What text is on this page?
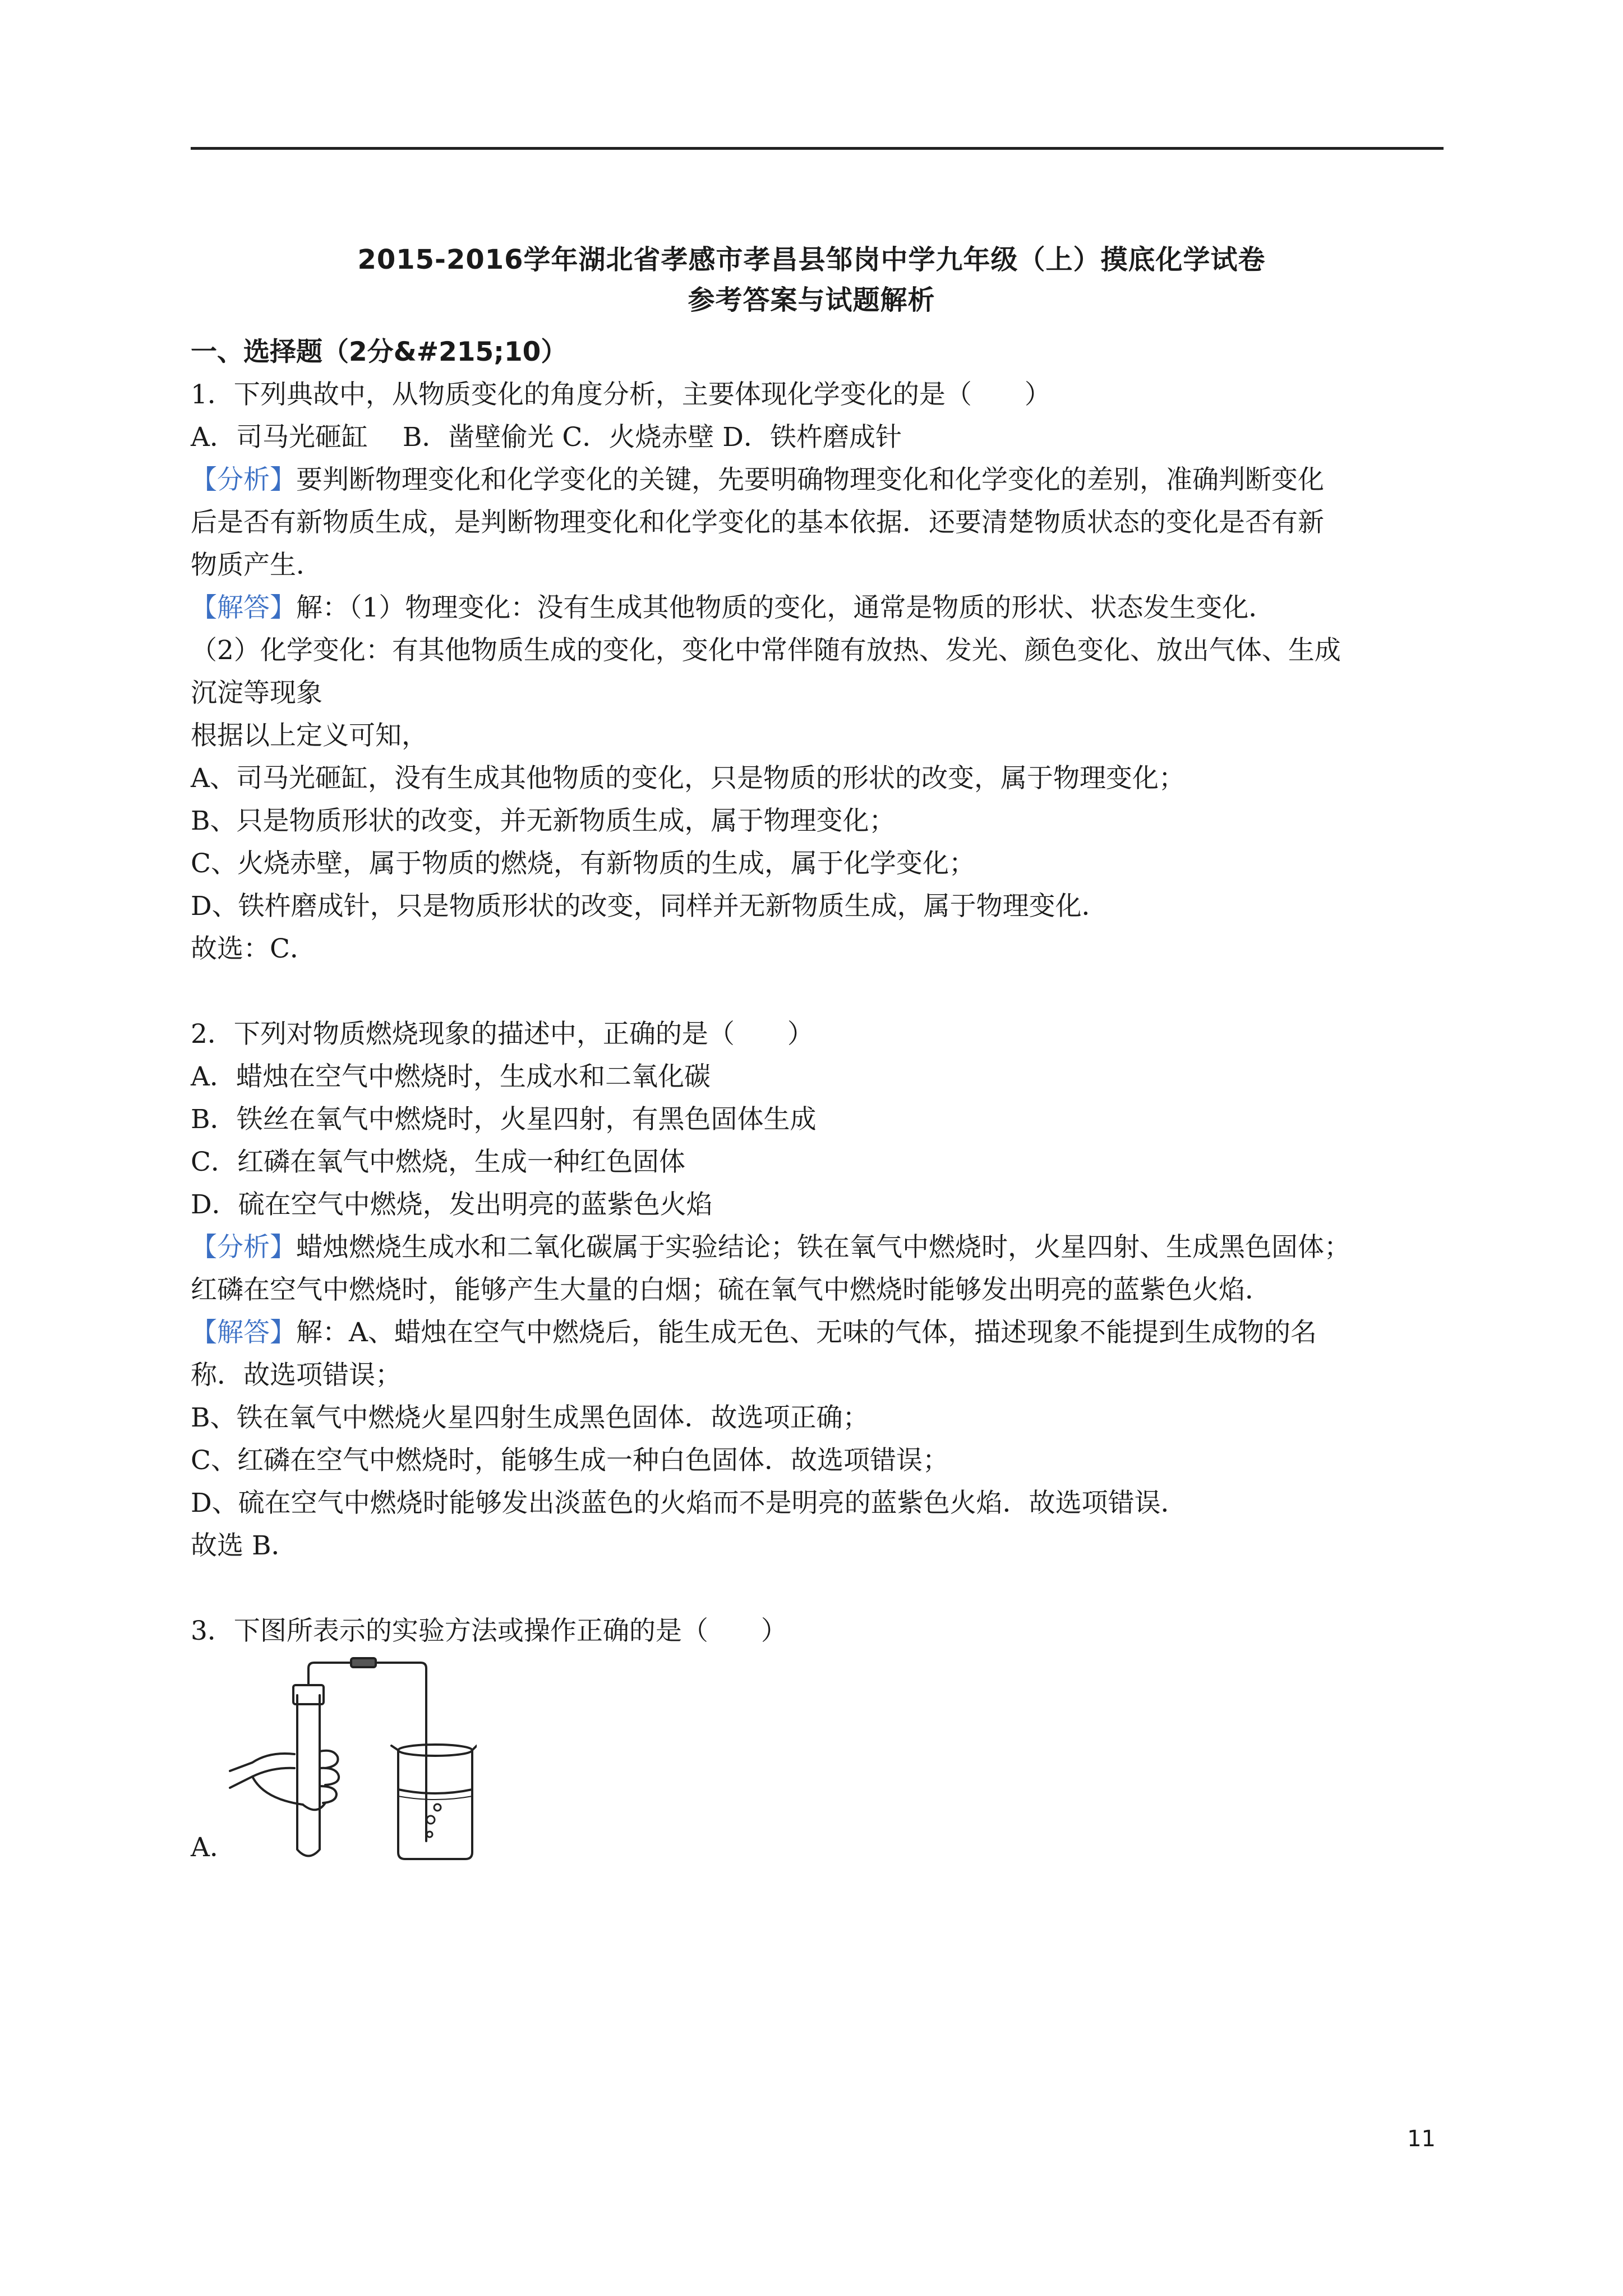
2015-2016学年湖北省孝感市孝昌县邹岗中学九年级（上）摸底化学试卷
参考答案与试题解析
一、选择题（2分&#215;10）
1．下列典故中，从物质变化的角度分析，主要体现化学变化的是（　　）
A．司马光砸缸　 B．凿壁偷光 C．火烧赤壁 D．铁杵磨成针
【分析】要判断物理变化和化学变化的关键，先要明确物理变化和化学变化的差别，准确判断变化
后是否有新物质生成，是判断物理变化和化学变化的基本依据．还要清楚物质状态的变化是否有新
物质产生．
【解答】解：（1）物理变化：没有生成其他物质的变化，通常是物质的形状、状态发生变化．
（2）化学变化：有其他物质生成的变化，变化中常伴随有放热、发光、颜色变化、放出气体、生成
沉淀等现象
根据以上定义可知，
A、司马光砸缸，没有生成其他物质的变化，只是物质的形状的改变，属于物理变化；
B、只是物质形状的改变，并无新物质生成，属于物理变化；
C、火烧赤壁，属于物质的燃烧，有新物质的生成，属于化学变化；
D、铁杵磨成针，只是物质形状的改变，同样并无新物质生成，属于物理变化．
故选：C．
2．下列对物质燃烧现象的描述中，正确的是（　　）
A．蜡烛在空气中燃烧时，生成水和二氧化碳
B．铁丝在氧气中燃烧时，火星四射，有黑色固体生成
C．红磷在氧气中燃烧，生成一种红色固体
D．硫在空气中燃烧，发出明亮的蓝紫色火焰
【分析】蜡烛燃烧生成水和二氧化碳属于实验结论；铁在氧气中燃烧时，火星四射、生成黑色固体；
红磷在空气中燃烧时，能够产生大量的白烟；硫在氧气中燃烧时能够发出明亮的蓝紫色火焰．
【解答】解：A、蜡烛在空气中燃烧后，能生成无色、无味的气体，描述现象不能提到生成物的名
称．故选项错误；
B、铁在氧气中燃烧火星四射生成黑色固体．故选项正确；
C、红磷在空气中燃烧时，能够生成一种白色固体．故选项错误；
D、硫在空气中燃烧时能够发出淡蓝色的火焰而不是明亮的蓝紫色火焰．故选项错误．
故选 B．
3．下图所表示的实验方法或操作正确的是（　　）
A．
11
